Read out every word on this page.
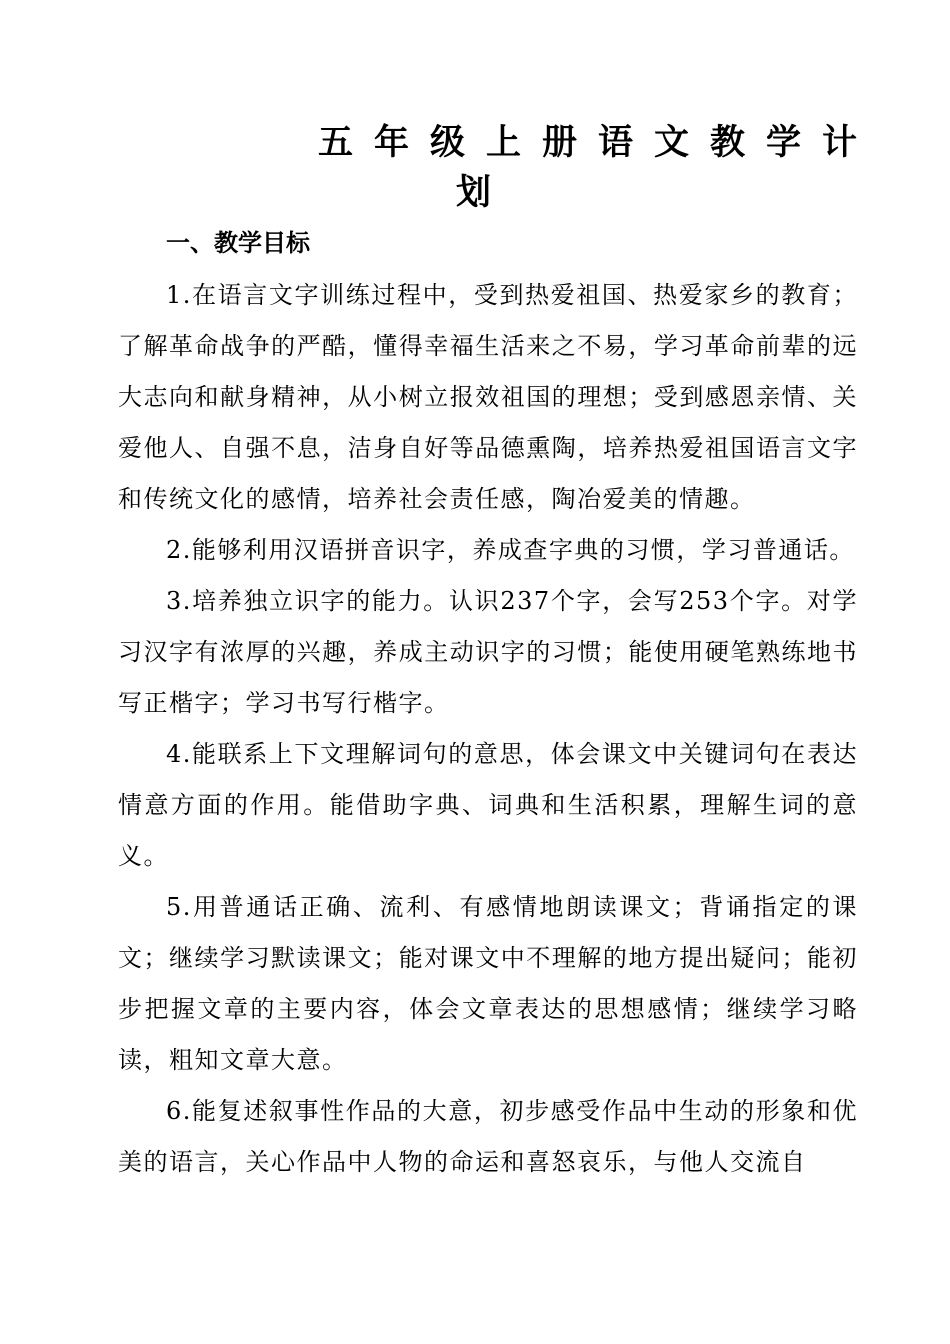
五年级上册语文教学计
划
一、教学目标

1.在语言文字训练过程中，受到热爱祖国、热爱家乡的教育；了解革命战争的严酷，懂得幸福生活来之不易，学习革命前辈的远大志向和献身精神，从小树立报效祖国的理想；受到感恩亲情、关爱他人、自强不息，洁身自好等品德熏陶，培养热爱祖国语言文字和传统文化的感情，培养社会责任感，陶冶爱美的情趣。

2.能够利用汉语拼音识字，养成查字典的习惯，学习普通话。

3.培养独立识字的能力。认识237个字，会写253个字。对学习汉字有浓厚的兴趣，养成主动识字的习惯；能使用硬笔熟练地书写正楷字；学习书写行楷字。

4.能联系上下文理解词句的意思，体会课文中关键词句在表达情意方面的作用。能借助字典、词典和生活积累，理解生词的意义。

5.用普通话正确、流利、有感情地朗读课文；背诵指定的课文；继续学习默读课文；能对课文中不理解的地方提出疑问；能初步把握文章的主要内容，体会文章表达的思想感情；继续学习略读，粗知文章大意。

6.能复述叙事性作品的大意，初步感受作品中生动的形象和优美的语言，关心作品中人物的命运和喜怒哀乐，与他人交流自
